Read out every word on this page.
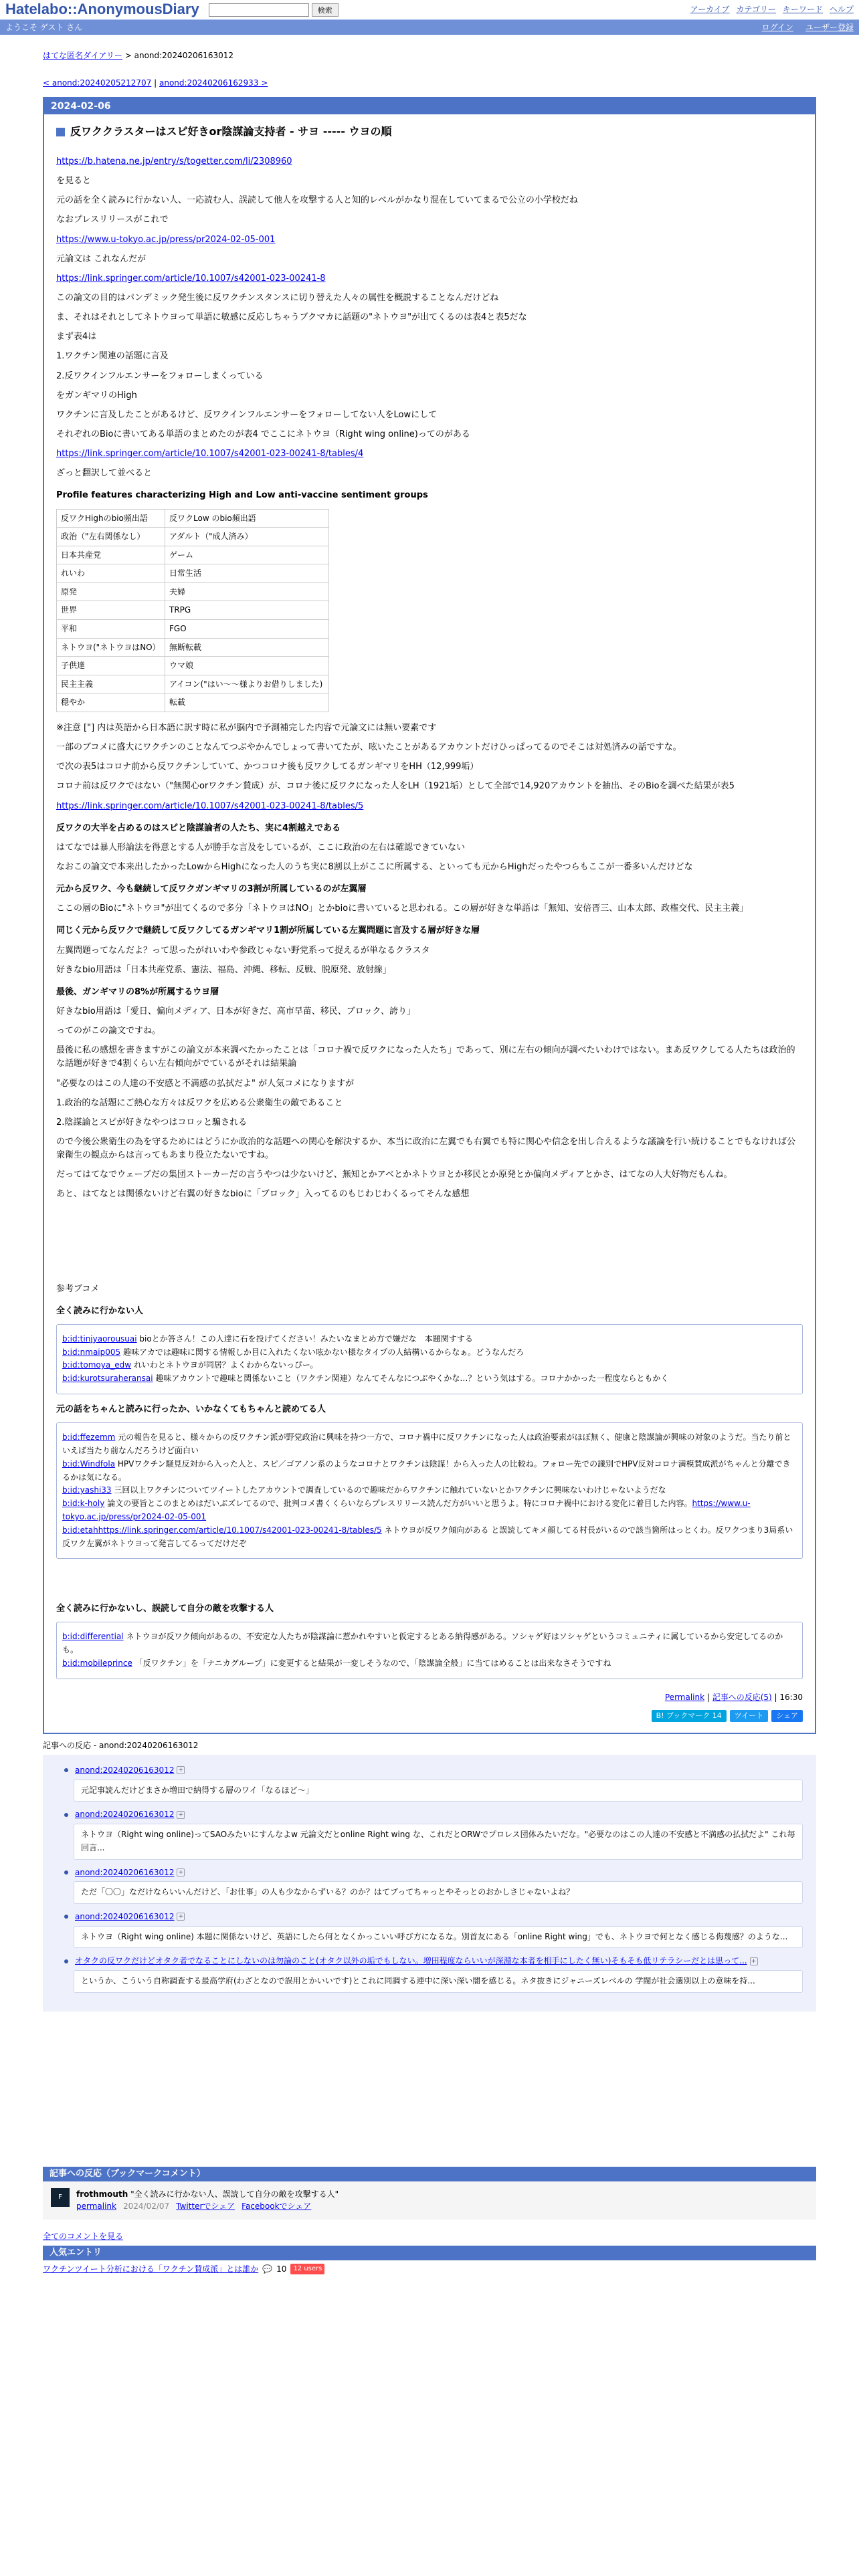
Hatelabo::AnonymousDiary	検索	アーカイブ カテゴリー キーワード ヘルプ
ようこそ ゲスト さん	ログイン ユーザー登録
はてな匿名ダイアリー > anond:20240206163012
< anond:20240205212707 | anond:20240206162933 >
2024-02-06
反ワククラスターはスピ好きor陰謀論支持者 - サヨ ----- ウヨの順
https://b.hatena.ne.jp/entry/s/togetter.com/li/2308960
を見ると
元の話を全く読みに行かない人、一応読む人、誤読して他人を攻撃する人と知的レベルがかなり混在していてまるで公立の小学校だね
なおプレスリリースがこれで
https://www.u-tokyo.ac.jp/press/pr2024-02-05-001
元論文は これなんだが
https://link.springer.com/article/10.1007/s42001-023-00241-8
この論文の目的はパンデミック発生後に反ワクチンスタンスに切り替えた人々の属性を概説することなんだけどね
ま、それはそれとしてネトウヨって単語に敏感に反応しちゃうブクマカに話題の"ネトウヨ"が出てくるのは表4と表5だな
まず表4は
1.ワクチン関連の話題に言及
2.反ワクインフルエンサーをフォローしまくっている
をガンギマリのHigh
ワクチンに言及したことがあるけど、反ワクインフルエンサーをフォローしてない人をLowにして
それぞれのBioに書いてある単語のまとめたのが表4 でここにネトウヨ（Right wing online)ってのがある
https://link.springer.com/article/10.1007/s42001-023-00241-8/tables/4
ざっと翻訳して並べると
Profile features characterizing High and Low anti-vaccine sentiment groups
反ワクHighのbio頻出語	反ワクLow のbio頻出語
政治（"左右関係なし）	アダルト（"成人済み）
日本共産党	ゲーム
れいわ	日常生活
原発	夫婦
世界	TRPG
平和	FGO
ネトウヨ("ネトウヨはNO）	無断転載
子供達	ウマ娘
民主主義	アイコン("はい〜〜様よりお借りしました)
穏やか	転載
※注意 ["] 内は英語から日本語に訳す時に私が脳内で予測補完した内容で元論文には無い要素です
一部のブコメに盛大にワクチンのことなんてつぶやかんでしょって書いてたが、呟いたことがあるアカウントだけひっぱってるのでそこは対処済みの話ですな。
で次の表5はコロナ前から反ワクチンしていて、かつコロナ後も反ワクしてるガンギマリをHH（12,999垢）
コロナ前は反ワクではない（"無関心orワクチン賛成）が、コロナ後に反ワクになった人をLH（1921垢）として全部で14,920アカウントを抽出、そのBioを調べた結果が表5
https://link.springer.com/article/10.1007/s42001-023-00241-8/tables/5
反ワクの大半を占めるのはスピと陰謀論者の人たち、実に4割越えである
はてなでは暴人形論法を得意とする人が勝手な言及をしているが、ここに政治の左右は確認できていない
なおこの論文で本来出したかったLowからHighになった人のうち実に8割以上がここに所属する、といっても元からHighだったやつらもここが一番多いんだけどな
元から反ワク、今も継続して反ワクガンギマリの3割が所属しているのが左翼層
ここの層のBioに"ネトウヨ"が出てくるので多分「ネトウヨはNO」とかbioに書いていると思われる。この層が好きな単語は「無知、安倍晋三、山本太郎、政権交代、民主主義」
同じく元から反ワクで継続して反ワクしてるガンギマリ1割が所属している左翼問題に言及する層が好きな層
左翼問題ってなんだよ？って思ったがれいわや参政じゃない野党系って捉えるが単なるクラスタ
好きなbio用語は「日本共産党系、憲法、福島、沖縄、移転、反戦、脱原発、放射線」
最後、ガンギマリの8%が所属するウヨ層
好きなbio用語は「愛日、偏向メディア、日本が好きだ、高市早苗、移民、ブロック、誇り」
ってのがこの論文ですね。
最後に私の感想を書きますがこの論文が本来調べたかったことは「コロナ禍で反ワクになった人たち」であって、別に左右の傾向が調べたいわけではない。まあ反ワクしてる人たちは政治的な話題が好きで4割くらい左右傾向がでているがそれは結果論
"必要なのはこの人達の不安感と不満感の払拭だよ" が人気コメになりますが
1.政治的な話題にご熱心な方々は反ワクを広める公衆衛生の敵であること
2.陰謀論とスピが好きなやつはコロッと騙される
ので今後公衆衛生の為を守るためにはどうにか政治的な話題への関心を解決するか、本当に政治に左翼でも右翼でも特に関心や信念を出し合えるような議論を行い続けることでもなければ公衆衛生の観点からは言ってもあまり役立たないですね。
だってはてなでウェーブだの集団ストーカーだの言うやつは少ないけど、無知とかアベとかネトウヨとか移民とか原発とか偏向メディアとかさ、はてなの人大好物だもんね。
あと、はてなとは関係ないけど右翼の好きなbioに「ブロック」入ってるのもじわじわくるってそんな感想
参考ブコメ
全く読みに行かない人
b:id:tinjyaorousuai bioとか答さん！この人達に石を投げてください！みたいなまとめ方で嫌だな　本題関すする
b:id:nmaip005 趣味アカでは趣味に関する情報しか目に入れたくない呟かない様なタイプの人結構いるからなぁ。どうなんだろ
b:id:tomoya_edw れいわとネトウヨが同居？よくわからないっぴー。
b:id:kurotsuraheransai 趣味アカウントで趣味と関係ないこと（ワクチン関連）なんてそんなにつぶやくかな…？という気はする。コロナかかった一程度ならともかく
元の話をちゃんと読みに行ったか、いかなくてもちゃんと読めてる人
b:id:ffezemm 元の報告を見ると、様々からの反ワクチン派が野党政治に興味を持つ一方で、コロナ禍中に反ワクチンになった人は政治要素がほぼ無く、健康と陰謀論が興味の対象のようだ。当たり前といえば当たり前なんだろうけど面白い
b:id:Windfola HPVワクチン騒見反対から入った人と、スピ／ゴアノン系のようなコロナとワクチンは陰謀！から入った人の比較ね。フォロー先での識別でHPV反対コロナ満模賛成派がちゃんと分離できるかは気になる。
b:id:yashi33 三回以上ワクチンについてツイートしたアカウントで調査しているので趣味だからワクチンに触れていないとかワクチンに興味ないわけじゃないようだな
b:id:k-holy 論文の要旨とこのまとめはだいぶズレてるので、批判コメ書くくらいならプレスリリース読んだ方がいいと思うよ。特にコロナ禍中における変化に着目した内容。https://www.u-tokyo.ac.jp/press/pr2024-02-05-001
b:id:etahhttps://link.springer.com/article/10.1007/s42001-023-00241-8/tables/5 ネトウヨが反ワク傾向がある と誤読してキメ顔してる村長がいるので該当箇所はっとくわ。反ワクつまり3局系い反ワク左翼がネトウヨって発言してるってだけだぞ
全く読みに行かないし、誤読して自分の敵を攻撃する人
b:id:differential ネトウヨが反ワク傾向があるの、不安定な人たちが陰謀論に惹かれやすいと仮定するとある納得感がある。ソシャゲ好はソシャゲというコミュニティに属しているから安定してるのかも。
b:id:mobileprince 「反ワクチン」を「ナニカグループ」に変更すると結果が一変しそうなので、「陰謀論全般」に当てはめることは出来なさそうですね
Permalink | 記事への反応(5) | 16:30
B! ブックマーク 14	ツイート	シェア
記事への反応 - anond:20240206163012
anond:20240206163012 +
元記事読んだけどまさか増田で納得する層のワイ「なるほど〜」
anond:20240206163012 +
ネトウヨ（Right wing online)ってSAOみたいにすんなよw 元論文だとonline Right wing な、これだとORWでプロレス団体みたいだな。"必要なのはこの人達の不安感と不満感の払拭だよ" これ毎回言...
anond:20240206163012 +
ただ「〇〇」なだけならいいんだけど、「お仕事」の人も少なからずいる？のか？はてブってちゃっとやそっとのおかしさじゃないよね？
anond:20240206163012 +
ネトウヨ（Right wing online) 本題に関係ないけど、英語にしたら何となくかっこいい呼び方になるな。別首友にある「online Right wing」でも、ネトウヨで何となく感じる侮蔑感？のような...
オタクの反ワクだけどオタク者でなることにしないのは勿論のこと(オタク以外の垢でもしない。増田程度ならいいが深淵な本者を相手にしたく無い)そもそも低リテラシーだとは思って... +
というか、こういう自称調査する最高学府(わざとなので誤用とかいいです)とこれに同調する連中に深い深い闇を感じる。ネタ抜きにジャニーズレベルの 学閥が社会選別以上の意味を持...
記事への反応（ブックマークコメント）
F	frothmouth "全く読みに行かない人、誤読して自分の敵を攻撃する人"
permalink 2024/02/07 Twitterでシェア Facebookでシェア
全てのコメントを見る
人気エントリ
ワクチンツイート分析における「ワクチン賛成派」とは誰か 💬 10	12 users
